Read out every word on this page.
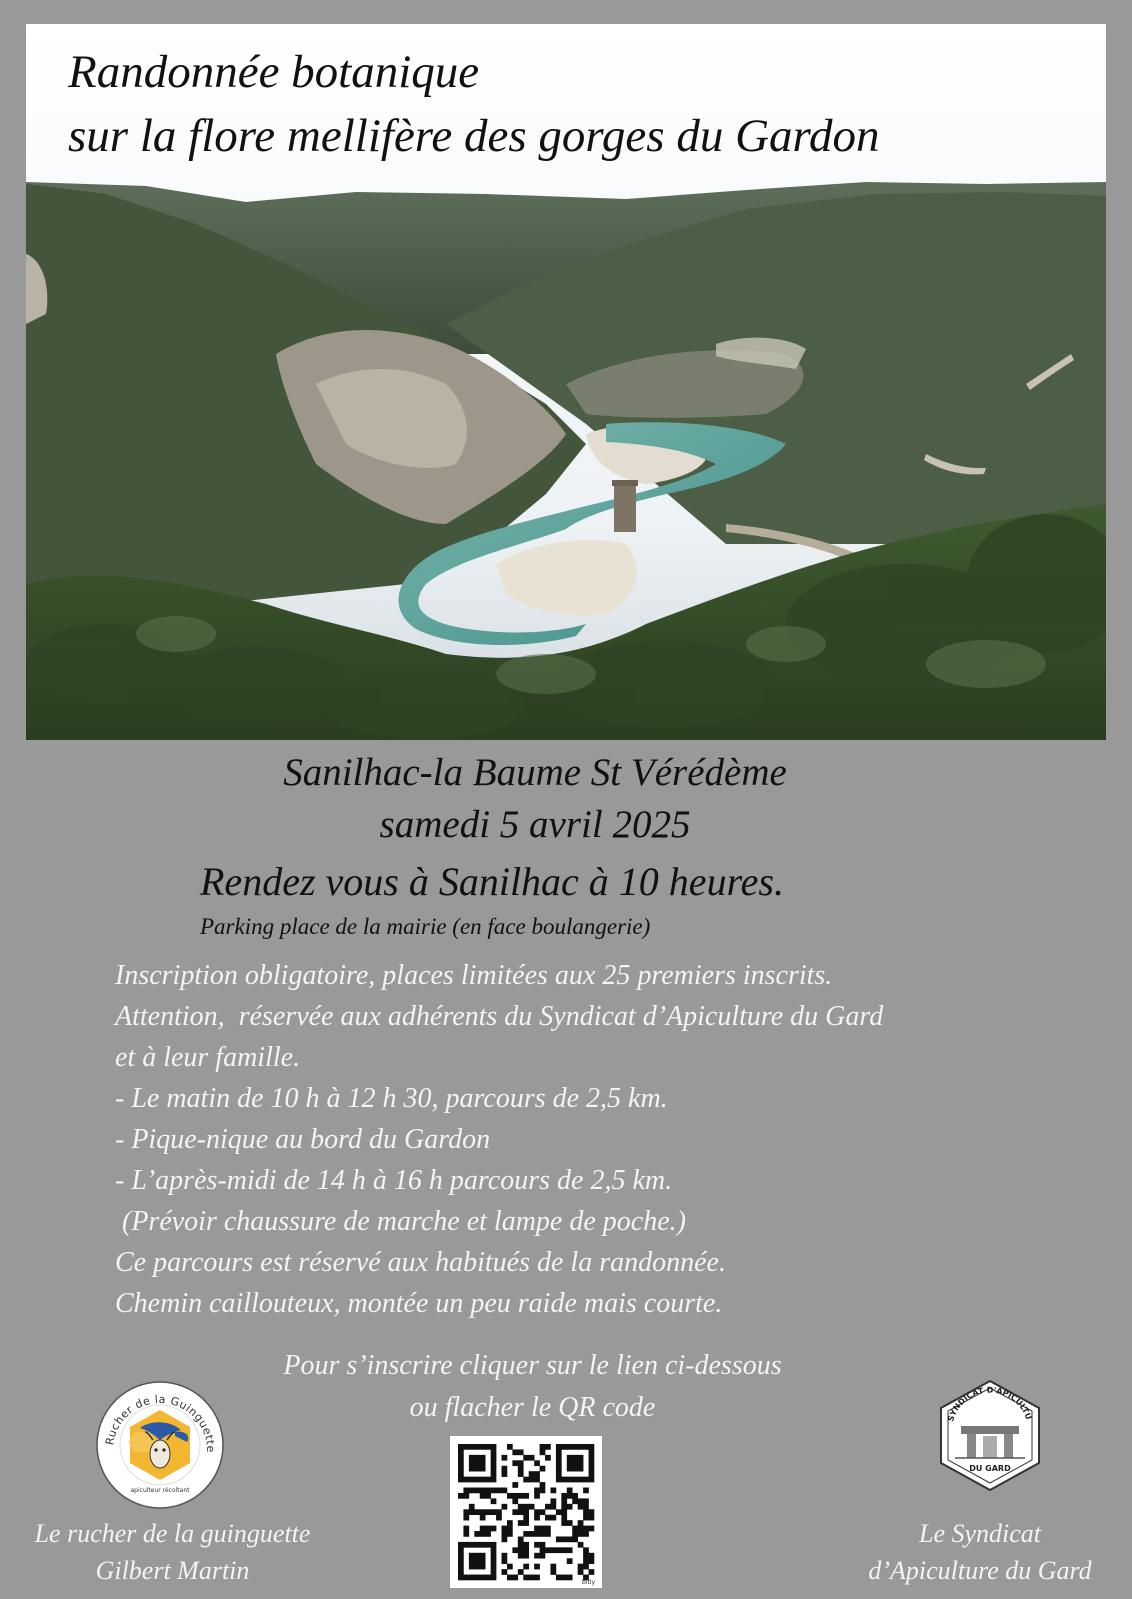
Randonnée botanique
sur la flore mellifère des gorges du Gardon
Sanilhac-la Baume St Vérédème
samedi 5 avril 2025
Rendez vous à Sanilhac à 10 heures.
Parking place de la mairie (en face boulangerie)
Inscription obligatoire, places limitées aux 25 premiers inscrits.
Attention,  réservée aux adhérents du Syndicat d’Apiculture du Gard
et à leur famille.
- Le matin de 10 h à 12 h 30, parcours de 2,5 km.
- Pique-nique au bord du Gardon
- L’après-midi de 14 h à 16 h parcours de 2,5 km.
(Prévoir chaussure de marche et lampe de poche.)
Ce parcours est réservé aux habitués de la randonnée.
Chemin caillouteux, montée un peu raide mais courte.
Pour s’inscrire cliquer sur le lien ci-dessous
ou flacher le QR code
Rucher de la Guinguette
apiculteur récoltant
bitly
SYNDICAT D'APICULTU
DU GARD
Le rucher de la guinguette
Gilbert Martin
Le Syndicat
d’Apiculture du Gard
